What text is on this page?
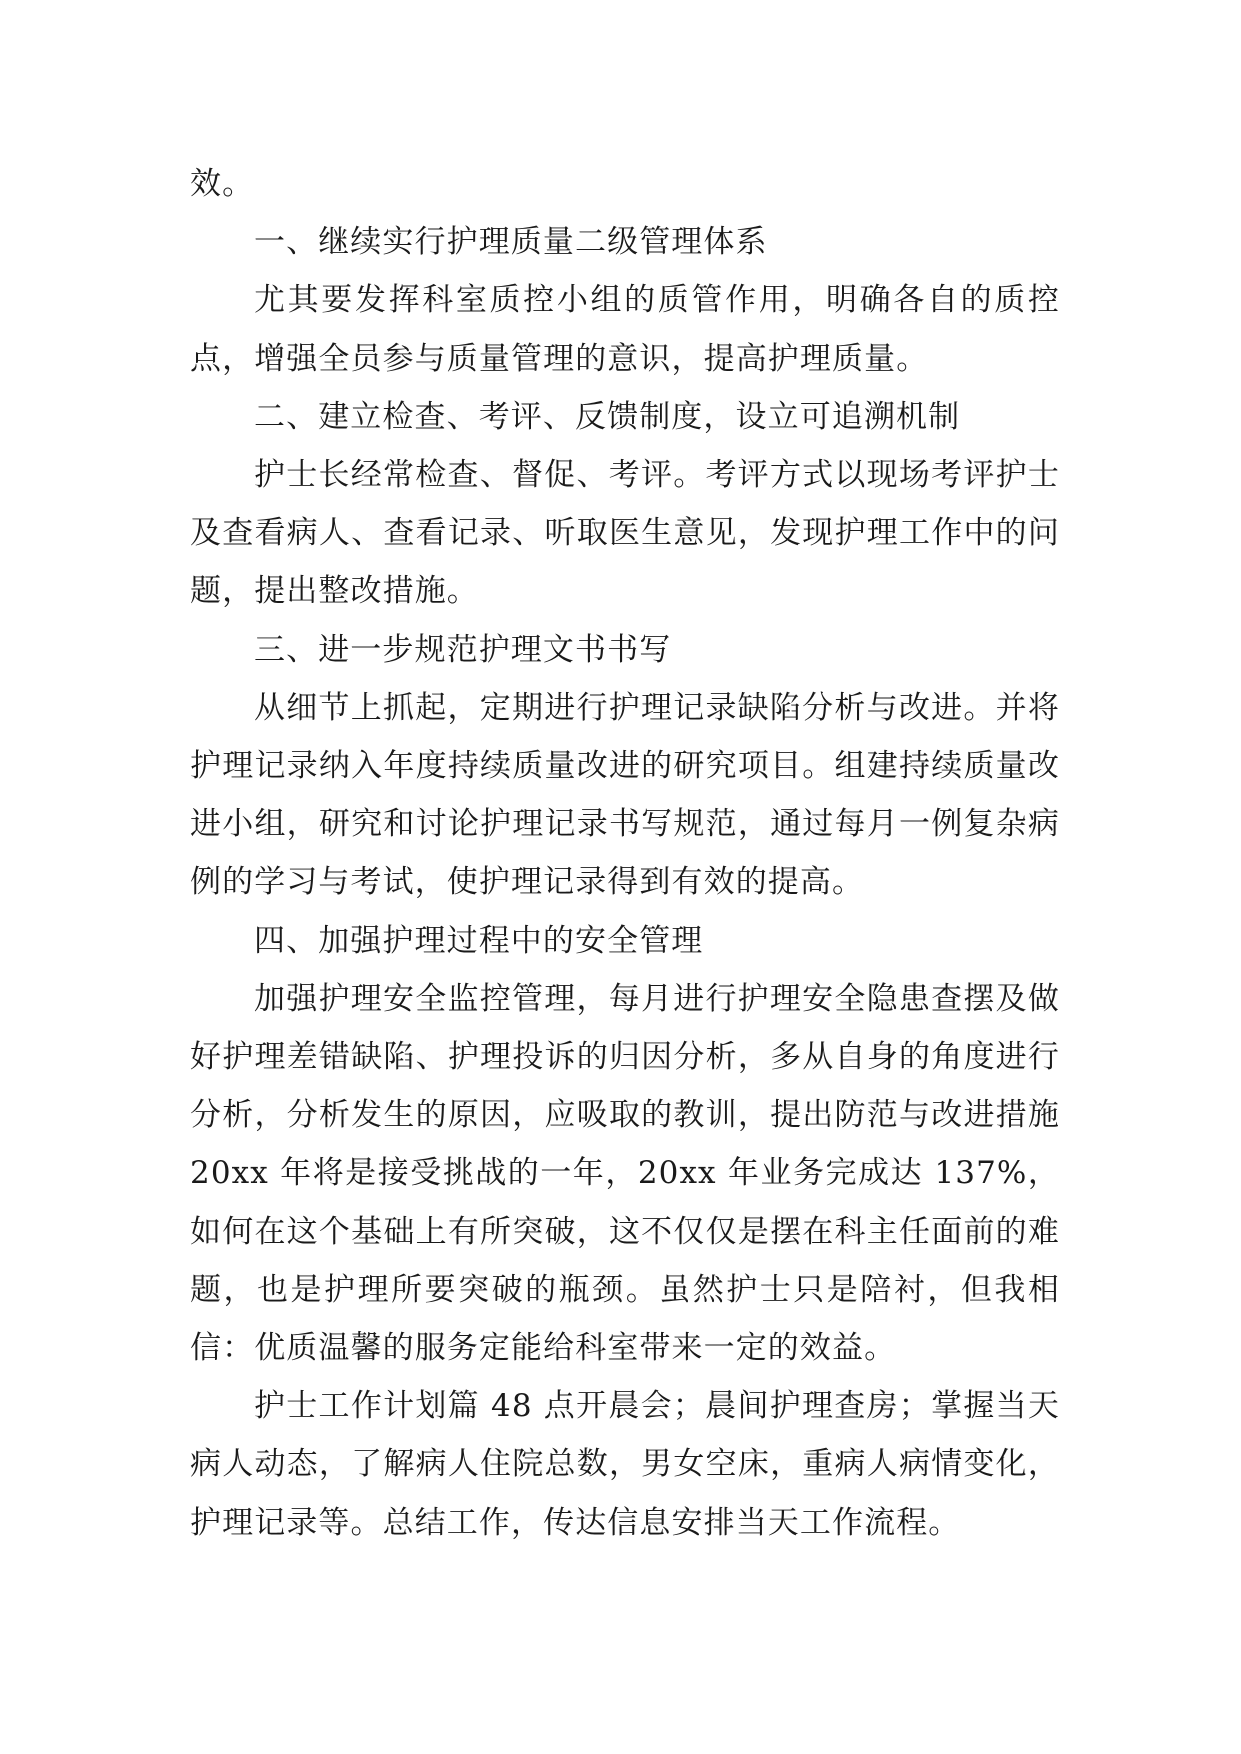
效。

一、继续实行护理质量二级管理体系

尤其要发挥科室质控小组的质管作用，明确各自的质控点，增强全员参与质量管理的意识，提高护理质量。

二、建立检查、考评、反馈制度，设立可追溯机制

护士长经常检查、督促、考评。考评方式以现场考评护士及查看病人、查看记录、听取医生意见，发现护理工作中的问题，提出整改措施。

三、进一步规范护理文书书写

从细节上抓起，定期进行护理记录缺陷分析与改进。并将护理记录纳入年度持续质量改进的研究项目。组建持续质量改进小组，研究和讨论护理记录书写规范，通过每月一例复杂病例的学习与考试，使护理记录得到有效的提高。

四、加强护理过程中的安全管理

加强护理安全监控管理，每月进行护理安全隐患查摆及做好护理差错缺陷、护理投诉的归因分析，多从自身的角度进行分析，分析发生的原因，应吸取的教训，提出防范与改进措施 20xx 年将是接受挑战的一年，20xx 年业务完成达 137%，如何在这个基础上有所突破，这不仅仅是摆在科主任面前的难题，也是护理所要突破的瓶颈。虽然护士只是陪衬，但我相信：优质温馨的服务定能给科室带来一定的效益。

护士工作计划篇 48 点开晨会；晨间护理查房；掌握当天病人动态，了解病人住院总数，男女空床，重病人病情变化，护理记录等。总结工作，传达信息安排当天工作流程。
